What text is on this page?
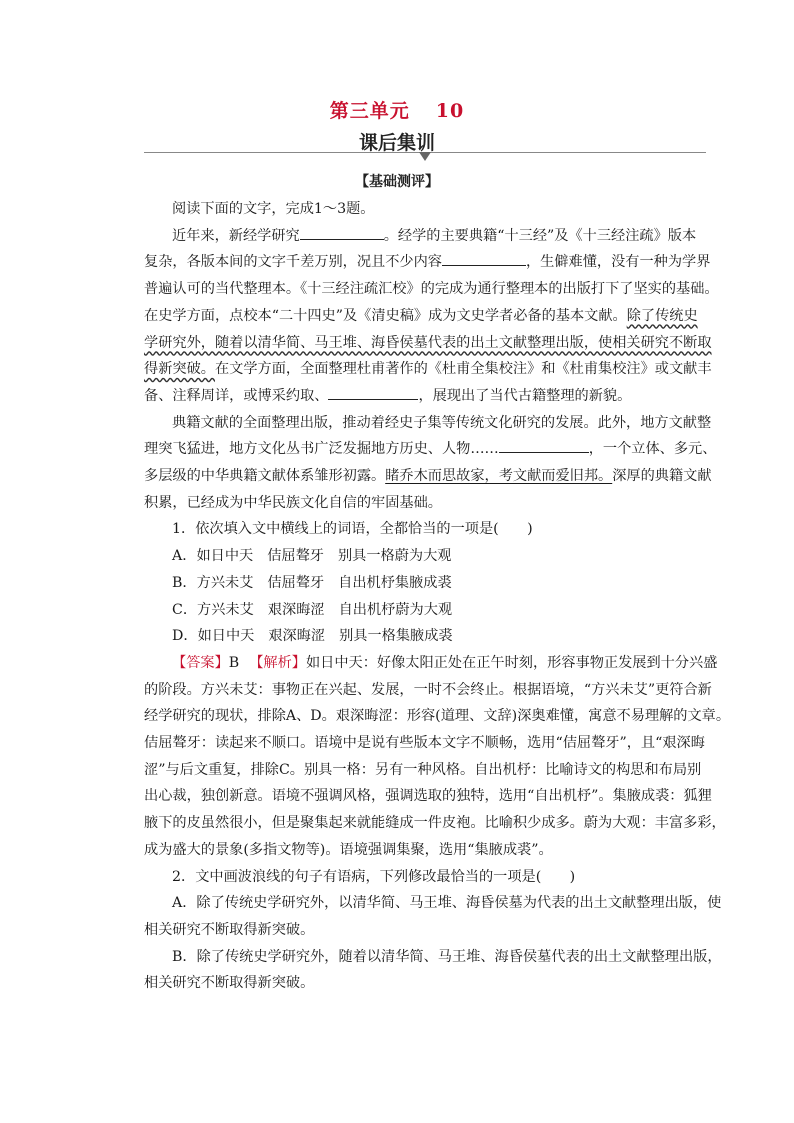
第三单元 10
课后集训
【基础测评】

阅读下面的文字，完成1～3题。

近年来，新经学研究	。经学的主要典籍“十三经”及《十三经注疏》版本

复杂，各版本间的文字千差万别，况且不少内容	，生僻难懂，没有一种为学界

普遍认可的当代整理本。《十三经注疏汇校》的完成为通行整理本的出版打下了坚实的基础。

在史学方面，点校本“二十四史”及《清史稿》成为文史学者必备的基本文献。除了传统史

学研究外，随着以清华简、马王堆、海昏侯墓代表的出土文献整理出版，使相关研究不断取

得新突破。在文学方面，全面整理杜甫著作的《杜甫全集校注》和《杜甫集校注》或文献丰

备、注释周详，或博采约取、	，展现出了当代古籍整理的新貌。

典籍文献的全面整理出版，推动着经史子集等传统文化研究的发展。此外，地方文献整

理突飞猛进，地方文化丛书广泛发掘地方历史、人物……	，一个立体、多元、

多层级的中华典籍文献体系雏形初露。睹乔木而思故家，考文献而爱旧邦。深厚的典籍文献

积累，已经成为中华民族文化自信的牢固基础。

1．依次填入文中横线上的词语，全都恰当的一项是(　　)

A．如日中天 佶屈聱牙 别具一格蔚为大观

B．方兴未艾 佶屈聱牙 自出机杼集腋成裘

C．方兴未艾 艰深晦涩 自出机杼蔚为大观

D．如日中天 艰深晦涩 别具一格集腋成裘

【答案】B 【解析】如日中天：好像太阳正处在正午时刻，形容事物正发展到十分兴盛

的阶段。方兴未艾：事物正在兴起、发展，一时不会终止。根据语境，“方兴未艾”更符合新

经学研究的现状，排除A、D。艰深晦涩：形容(道理、文辞)深奥难懂，寓意不易理解的文章。

佶屈聱牙：读起来不顺口。语境中是说有些版本文字不顺畅，选用“佶屈聱牙”，且“艰深晦

涩”与后文重复，排除C。别具一格：另有一种风格。自出机杼：比喻诗文的构思和布局别

出心裁，独创新意。语境不强调风格，强调选取的独特，选用“自出机杼”。集腋成裘：狐狸

腋下的皮虽然很小，但是聚集起来就能缝成一件皮袍。比喻积少成多。蔚为大观：丰富多彩，

成为盛大的景象(多指文物等)。语境强调集聚，选用“集腋成裘”。

2．文中画波浪线的句子有语病，下列修改最恰当的一项是(　　)

A．除了传统史学研究外，以清华简、马王堆、海昏侯墓为代表的出土文献整理出版，使

相关研究不断取得新突破。

B．除了传统史学研究外，随着以清华简、马王堆、海昏侯墓代表的出土文献整理出版，

相关研究不断取得新突破。
